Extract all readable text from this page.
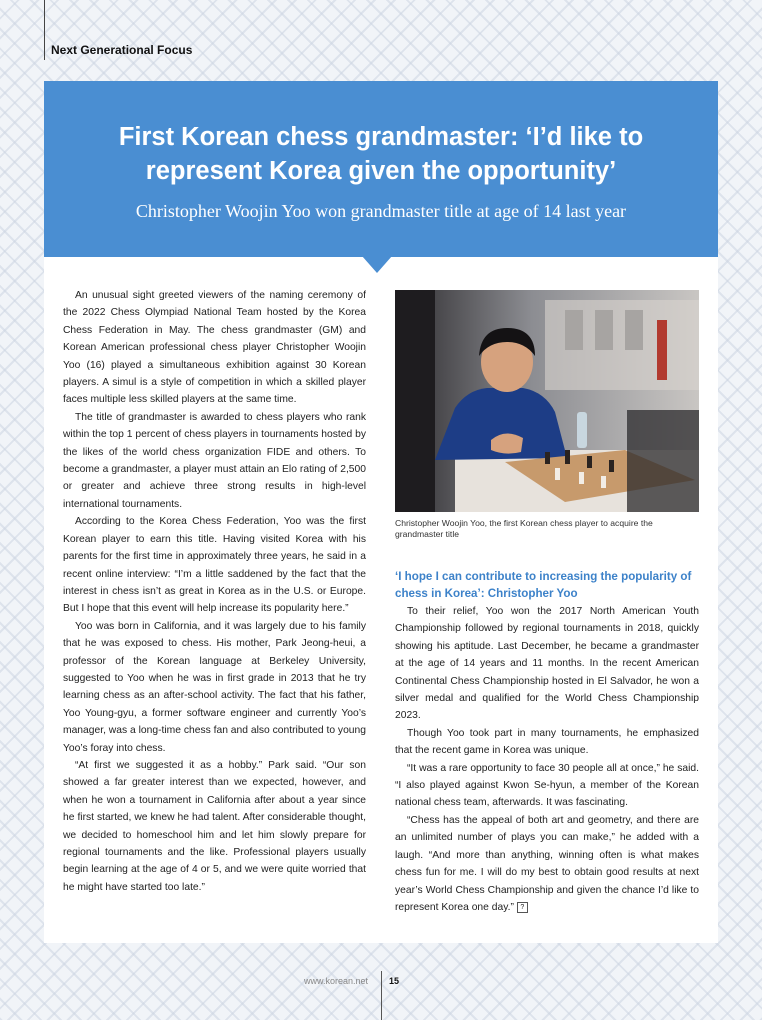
Next Generational Focus
First Korean chess grandmaster: ‘I’d like to represent Korea given the opportunity’
Christopher Woojin Yoo won grandmaster title at age of 14 last year

An unusual sight greeted viewers of the naming ceremony of the 2022 Chess Olympiad National Team hosted by the Korea Chess Federation in May. The chess grandmaster (GM) and Korean American professional chess player Christopher Woojin Yoo (16) played a simultaneous exhibition against 30 Korean players. A simul is a style of competition in which a skilled player faces multiple less skilled players at the same time.

The title of grandmaster is awarded to chess players who rank within the top 1 percent of chess players in tournaments hosted by the likes of the world chess organization FIDE and others. To become a grandmaster, a player must attain an Elo rating of 2,500 or greater and achieve three strong results in high-level international tournaments.

According to the Korea Chess Federation, Yoo was the first Korean player to earn this title. Having visited Korea with his parents for the first time in approximately three years, he said in a recent online interview: “I’m a little saddened by the fact that the interest in chess isn’t as great in Korea as in the U.S. or Europe. But I hope that this event will help increase its popularity here.”

Yoo was born in California, and it was largely due to his family that he was exposed to chess. His mother, Park Jeong-heui, a professor of the Korean language at Berkeley University, suggested to Yoo when he was in first grade in 2013 that he try learning chess as an after-school activity. The fact that his father, Yoo Young-gyu, a former software engineer and currently Yoo’s manager, was a long-time chess fan and also contributed to young Yoo’s foray into chess.

“At first we suggested it as a hobby.” Park said. “Our son showed a far greater interest than we expected, however, and when he won a tournament in California after about a year since he first started, we knew he had talent. After considerable thought, we decided to homeschool him and let him slowly prepare for regional tournaments and the like. Professional players usually begin learning at the age of 4 or 5, and we were quite worried that he might have started too late.”

Christopher Woojin Yoo, the first Korean chess player to acquire the grandmaster title
‘I hope I can contribute to increasing the popularity of chess in Korea’: Christopher Yoo

To their relief, Yoo won the 2017 North American Youth Championship followed by regional tournaments in 2018, quickly showing his aptitude. Last December, he became a grandmaster at the age of 14 years and 11 months. In the recent American Continental Chess Championship hosted in El Salvador, he won a silver medal and qualified for the World Chess Championship 2023.

Though Yoo took part in many tournaments, he emphasized that the recent game in Korea was unique.

“It was a rare opportunity to face 30 people all at once,” he said. “I also played against Kwon Se-hyun, a member of the Korean national chess team, afterwards. It was fascinating.

“Chess has the appeal of both art and geometry, and there are an unlimited number of plays you can make,” he added with a laugh. “And more than anything, winning often is what makes chess fun for me. I will do my best to obtain good results at next year’s World Chess Championship and given the chance I’d like to represent Korea one day.” ?

www.korean.net 15
